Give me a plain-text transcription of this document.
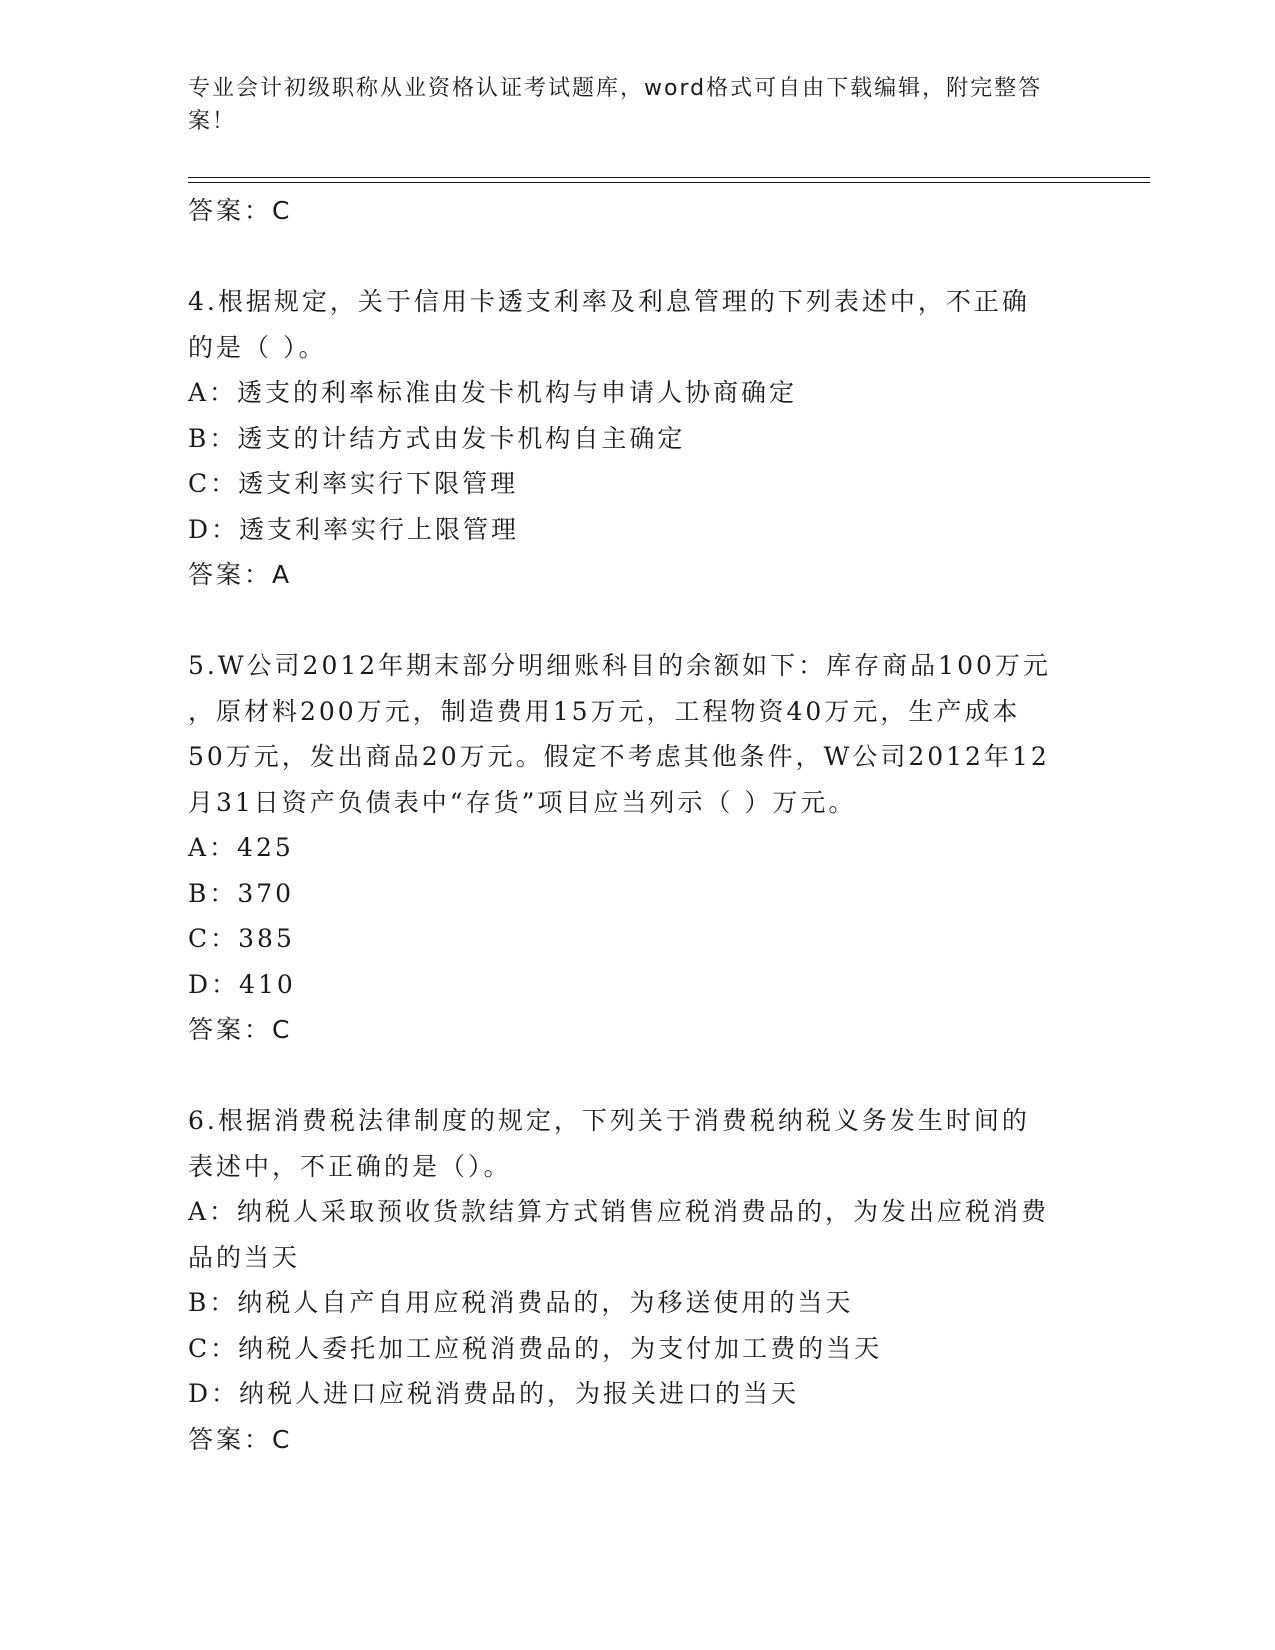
专业会计初级职称从业资格认证考试题库，word格式可自由下载编辑，附完整答
案！
答案：C
4.根据规定，关于信用卡透支利率及利息管理的下列表述中，不正确
的是（ ）。
A：透支的利率标准由发卡机构与申请人协商确定
B：透支的计结方式由发卡机构自主确定
C：透支利率实行下限管理
D：透支利率实行上限管理
答案：A
5.W公司2012年期末部分明细账科目的余额如下：库存商品100万元
，原材料200万元，制造费用15万元，工程物资40万元，生产成本
50万元，发出商品20万元。假定不考虑其他条件，W公司2012年12
月31日资产负债表中“存货”项目应当列示（ ）万元。
A：425
B：370
C：385
D：410
答案：C
6.根据消费税法律制度的规定，下列关于消费税纳税义务发生时间的
表述中，不正确的是（）。
A：纳税人采取预收货款结算方式销售应税消费品的，为发出应税消费
品的当天
B：纳税人自产自用应税消费品的，为移送使用的当天
C：纳税人委托加工应税消费品的，为支付加工费的当天
D：纳税人进口应税消费品的，为报关进口的当天
答案：C
